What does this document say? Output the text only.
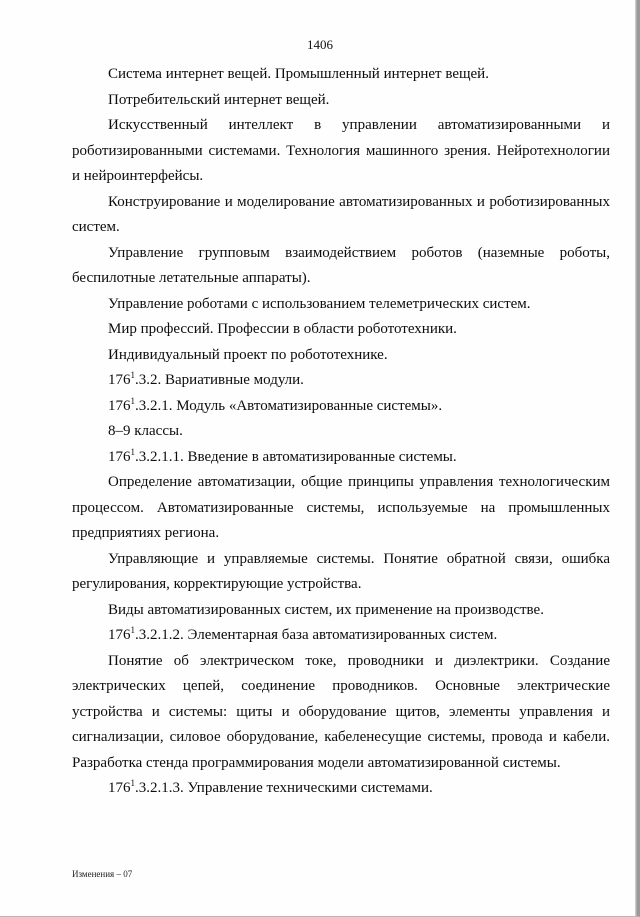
1406

Система интернет вещей. Промышленный интернет вещей.

Потребительский интернет вещей.

Искусственный интеллект в управлении автоматизированными и роботизированными системами. Технология машинного зрения. Нейротехнологии и нейроинтерфейсы.

Конструирование и моделирование автоматизированных и роботизированных систем.

Управление групповым взаимодействием роботов (наземные роботы, беспилотные летательные аппараты).

Управление роботами с использованием телеметрических систем.

Мир профессий. Профессии в области робототехники.

Индивидуальный проект по робототехнике.

$176^1.3.2$. Вариативные модули.

$176^1.3.2.1$. Модуль «Автоматизированные системы».

8–9 классы.

$176^1.3.2.1.1$. Введение в автоматизированные системы.

Определение автоматизации, общие принципы управления технологическим процессом. Автоматизированные системы, используемые на промышленных предприятиях региона.

Управляющие и управляемые системы. Понятие обратной связи, ошибка регулирования, корректирующие устройства.

Виды автоматизированных систем, их применение на производстве.

$176^1.3.2.1.2$. Элементарная база автоматизированных систем.

Понятие об электрическом токе, проводники и диэлектрики. Создание электрических цепей, соединение проводников. Основные электрические устройства и системы: щиты и оборудование щитов, элементы управления и сигнализации, силовое оборудование, кабеленесущие системы, провода и кабели. Разработка стенда программирования модели автоматизированной системы.

$176^1.3.2.1.3$. Управление техническими системами.

Изменения – 07
